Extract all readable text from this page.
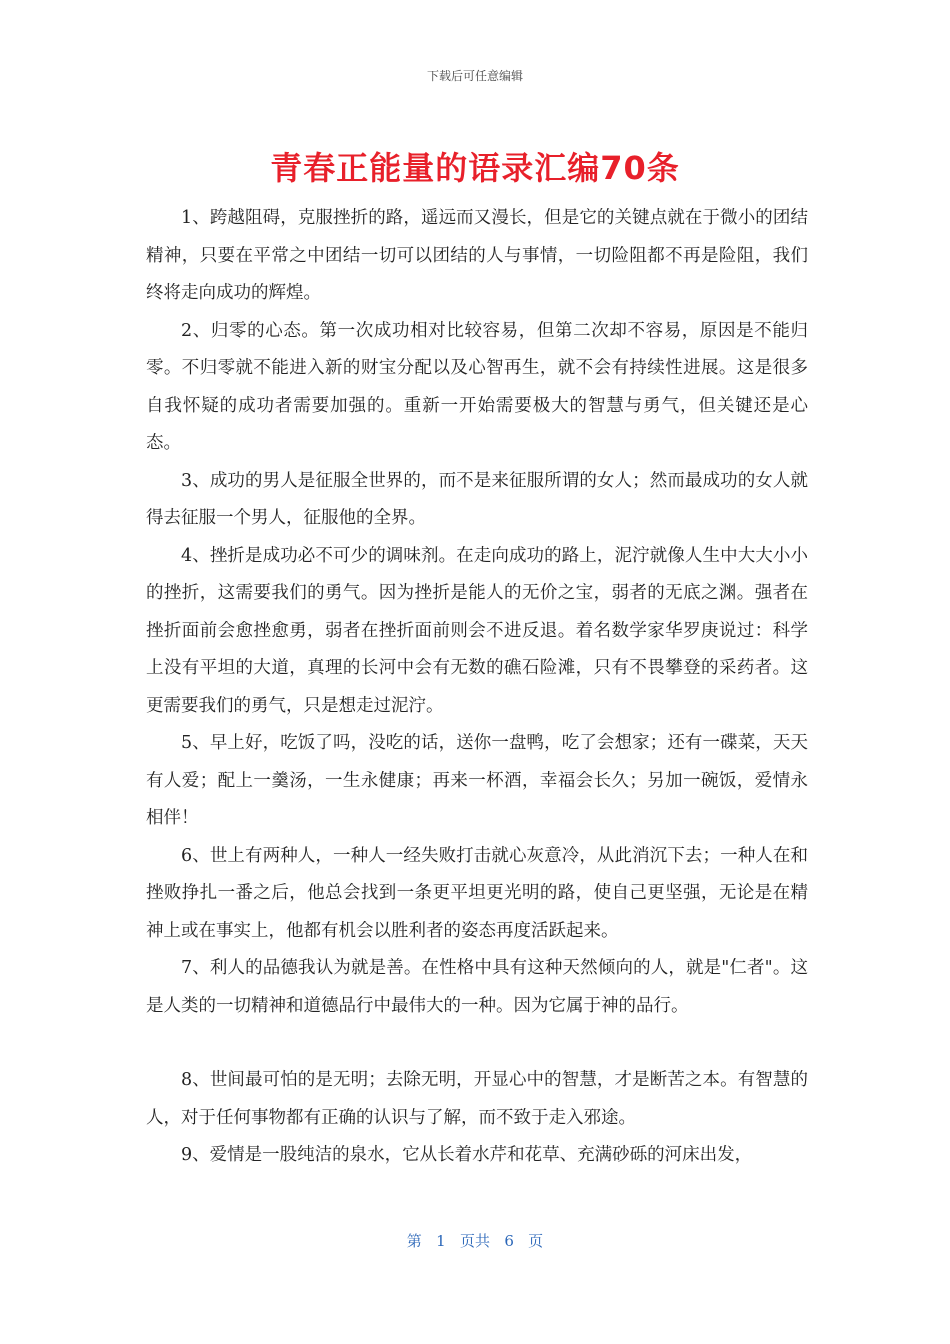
下载后可任意编辑
青春正能量的语录汇编70条

1、跨越阻碍，克服挫折的路，遥远而又漫长，但是它的关键点就在于微小的团结精神，只要在平常之中团结一切可以团结的人与事情，一切险阻都不再是险阻，我们终将走向成功的辉煌。

2、归零的心态。第一次成功相对比较容易，但第二次却不容易，原因是不能归零。不归零就不能进入新的财宝分配以及心智再生，就不会有持续性进展。这是很多自我怀疑的成功者需要加强的。重新一开始需要极大的智慧与勇气，但关键还是心态。

3、成功的男人是征服全世界的，而不是来征服所谓的女人；然而最成功的女人就得去征服一个男人，征服他的全界。

4、挫折是成功必不可少的调味剂。在走向成功的路上，泥泞就像人生中大大小小的挫折，这需要我们的勇气。因为挫折是能人的无价之宝，弱者的无底之渊。强者在挫折面前会愈挫愈勇，弱者在挫折面前则会不进反退。着名数学家华罗庚说过：科学上没有平坦的大道，真理的长河中会有无数的礁石险滩，只有不畏攀登的采药者。这更需要我们的勇气，只是想走过泥泞。

5、早上好，吃饭了吗，没吃的话，送你一盘鸭，吃了会想家；还有一碟菜，天天有人爱；配上一羹汤，一生永健康；再来一杯酒，幸福会长久；另加一碗饭，爱情永相伴！

6、世上有两种人，一种人一经失败打击就心灰意冷，从此消沉下去；一种人在和挫败挣扎一番之后，他总会找到一条更平坦更光明的路，使自己更坚强，无论是在精神上或在事实上，他都有机会以胜利者的姿态再度活跃起来。

7、利人的品德我认为就是善。在性格中具有这种天然倾向的人，就是"仁者"。这是人类的一切精神和道德品行中最伟大的一种。因为它属于神的品行。

8、世间最可怕的是无明；去除无明，开显心中的智慧，才是断苦之本。有智慧的人，对于任何事物都有正确的认识与了解，而不致于走入邪途。

9、爱情是一股纯洁的泉水，它从长着水芹和花草、充满砂砾的河床出发，

第 1 页共 6 页
